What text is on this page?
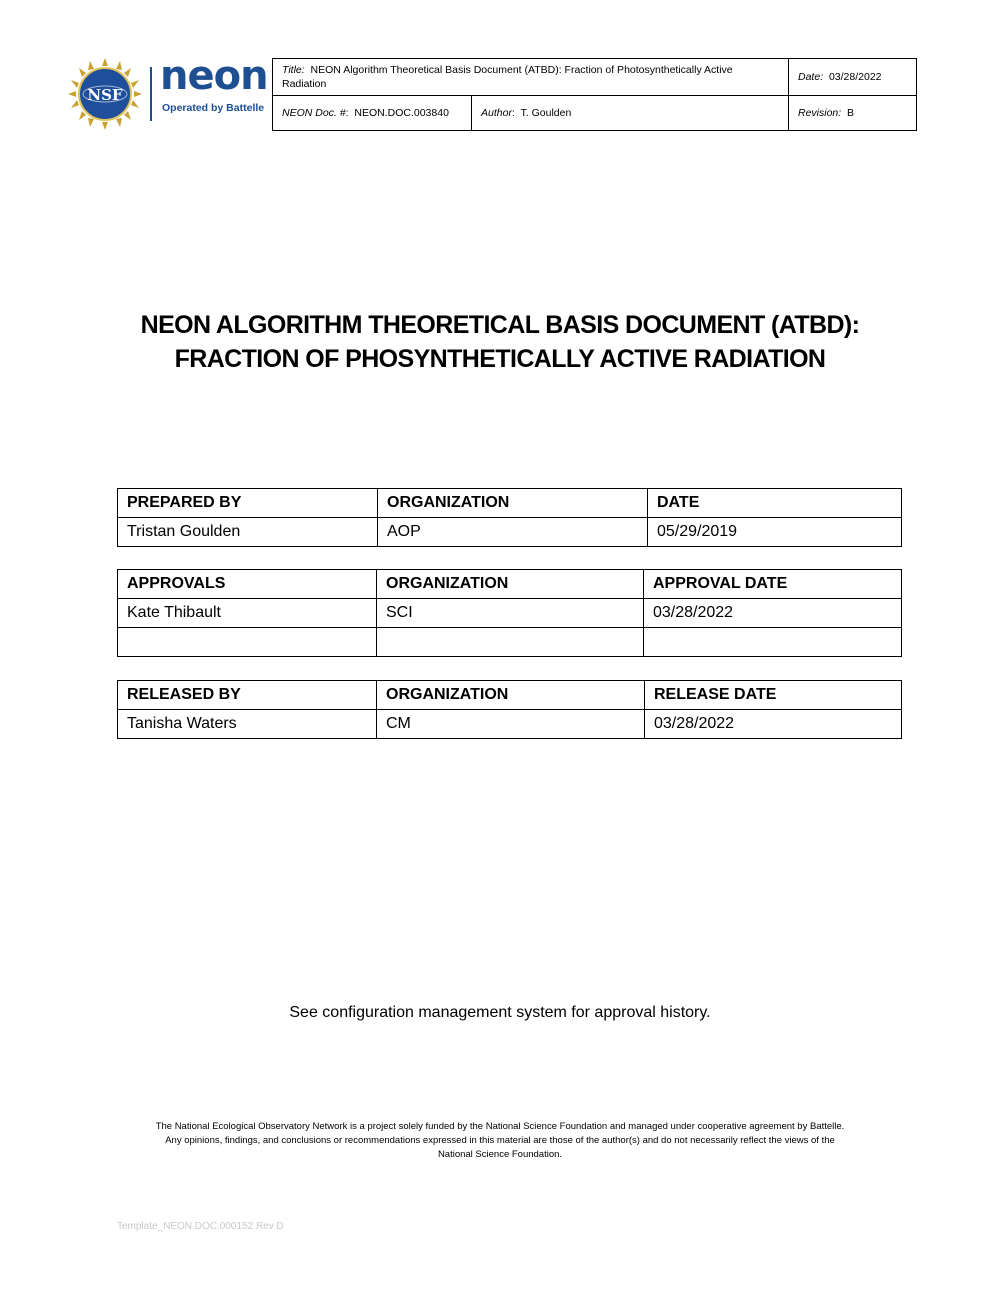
NSF neon
Operated by Battelle
Title: NEON Algorithm Theoretical Basis Document (ATBD): Fraction of Photosynthetically Active Radiation		Date: 03/28/2022
NEON Doc. #: NEON.DOC.003840	Author: T. Goulden	Revision: B
NEON ALGORITHM THEORETICAL BASIS DOCUMENT (ATBD):
FRACTION OF PHOSYNTHETICALLY ACTIVE RADIATION
PREPARED BY	ORGANIZATION	DATE
Tristan Goulden	AOP	05/29/2019
APPROVALS	ORGANIZATION	APPROVAL DATE
Kate Thibault	SCI	03/28/2022

RELEASED BY	ORGANIZATION	RELEASE DATE
Tanisha Waters	CM	03/28/2022
See configuration management system for approval history.
The National Ecological Observatory Network is a project solely funded by the National Science Foundation and managed under cooperative agreement by Battelle.
Any opinions, findings, and conclusions or recommendations expressed in this material are those of the author(s) and do not necessarily reflect the views of the
National Science Foundation.
Template_NEON.DOC.000152 Rev D
